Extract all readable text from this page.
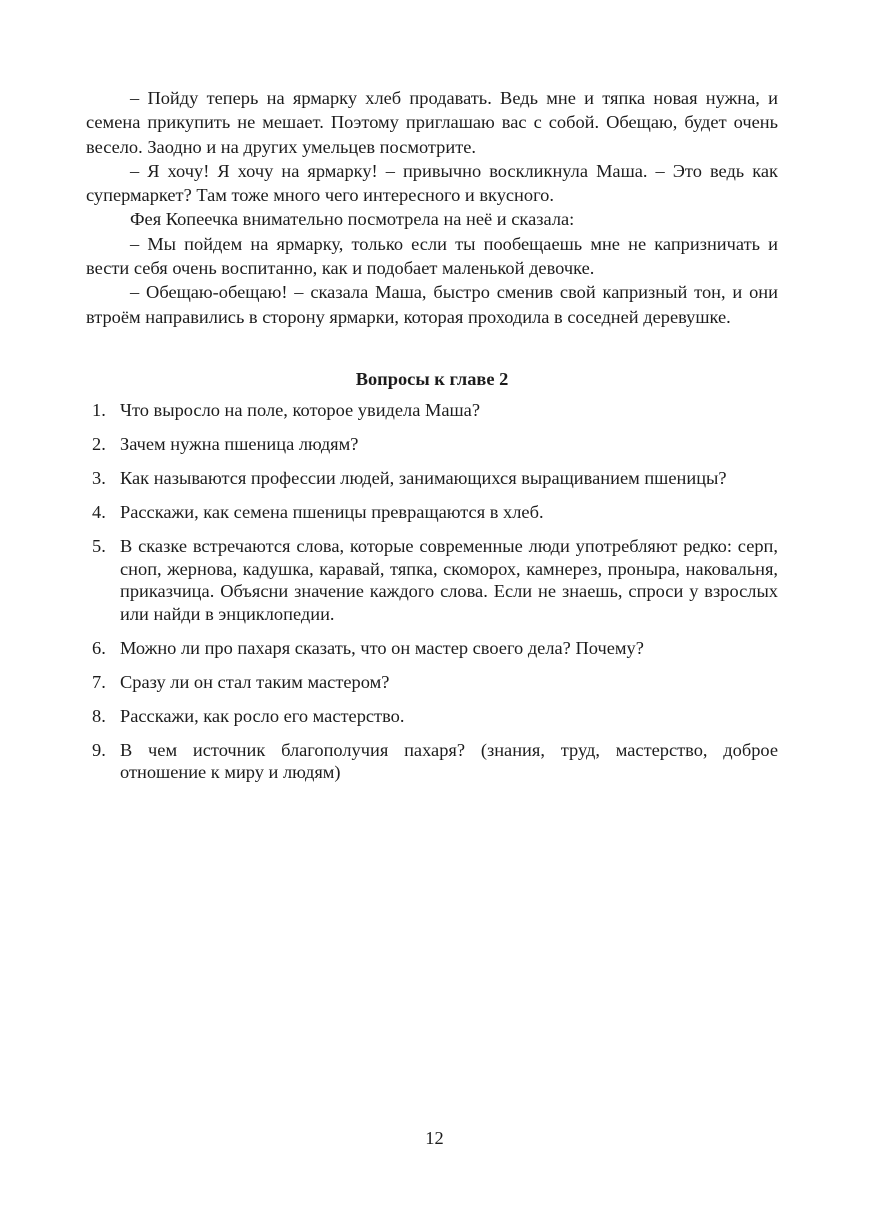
– Пойду теперь на ярмарку хлеб продавать. Ведь мне и тяпка новая нужна, и семена прикупить не мешает. Поэтому приглашаю вас с собой. Обещаю, будет очень весело. Заодно и на других умельцев посмотрите.

– Я хочу! Я хочу на ярмарку! – привычно воскликнула Маша. – Это ведь как супермаркет? Там тоже много чего интересного и вкусного.

Фея Копеечка внимательно посмотрела на неё и сказала:

– Мы пойдем на ярмарку, только если ты пообещаешь мне не капризничать и вести себя очень воспитанно, как и подобает маленькой девочке.

– Обещаю-обещаю! – сказала Маша, быстро сменив свой капризный тон, и они втроём направились в сторону ярмарки, которая проходила в соседней деревушке.

Вопросы к главе 2
1. Что выросло на поле, которое увидела Маша?
2. Зачем нужна пшеница людям?
3. Как называются профессии людей, занимающихся выращиванием пшеницы?
4. Расскажи, как семена пшеницы превращаются в хлеб.
5. В сказке встречаются слова, которые современные люди употребляют редко: серп, сноп, жернова, кадушка, каравай, тяпка, скоморох, камнерез, проныра, наковальня, приказчица. Объясни значение каждого слова. Если не знаешь, спроси у взрослых или найди в энциклопедии.
6. Можно ли про пахаря сказать, что он мастер своего дела? Почему?
7. Сразу ли он стал таким мастером?
8. Расскажи, как росло его мастерство.
9. В чем источник благополучия пахаря? (знания, труд, мастерство, доброе отношение к миру и людям)
12
